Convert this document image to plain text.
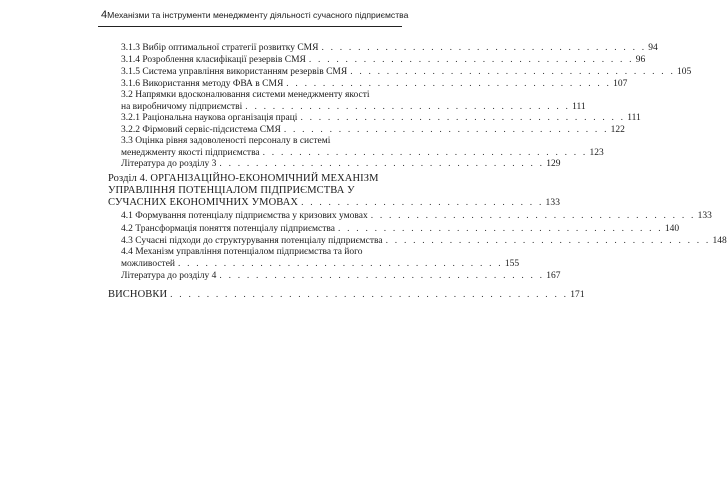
4 Механізми та інструменти менеджменту діяльності сучасного підприємства
3.1.3 Вибір оптимальної стратегії розвитку СМЯ . . . . . . . . . . . . . . . . . . . . . . . . . . . . . . . . . . . . 94
3.1.4 Розроблення класифікації резервів СМЯ . . . . . . . . . . . . . . . . . . . . . . . . . . . . . . . . . . . . 96
3.1.5 Система управління використанням резервів СМЯ . . . . . . . . . . . . . . . . . . . . . . . . . . . . . . . . . . . . 105
3.1.6 Використання методу ФВА в СМЯ . . . . . . . . . . . . . . . . . . . . . . . . . . . . . . . . . . . . 107
3.2 Напрямки вдосконалювання системи менеджменту якості
на виробничому підприємстві . . . . . . . . . . . . . . . . . . . . . . . . . . . . . . . . . . . . 111
3.2.1 Раціональна наукова організація праці . . . . . . . . . . . . . . . . . . . . . . . . . . . . . . . . . . . . 111
3.2.2 Фірмовий сервіс-підсистема СМЯ . . . . . . . . . . . . . . . . . . . . . . . . . . . . . . . . . . . . 122
3.3 Оцінка рівня задоволеності персоналу в системі
менеджменту якості підприємства . . . . . . . . . . . . . . . . . . . . . . . . . . . . . . . . . . . . 123
Література до розділу 3 . . . . . . . . . . . . . . . . . . . . . . . . . . . . . . . . . . . . 129
Розділ 4. ОРГАНІЗАЦІЙНО-ЕКОНОМІЧНИЙ МЕХАНІЗМ
УПРАВЛІННЯ ПОТЕНЦІАЛОМ ПІДПРИЄМСТВА У
СУЧАСНИХ ЕКОНОМІЧНИХ УМОВАХ . . . . . . . . . . . . . . . . . . . . . . . . . . . 133
4.1 Формування потенціалу підприємства у кризових умовах . . . . . . . . . . . . . . . . . . . . . . . . . . . . . . . . . . . . 133
4.2 Трансформація поняття потенціалу підприємства . . . . . . . . . . . . . . . . . . . . . . . . . . . . . . . . . . . . 140
4.3 Сучасні підходи до структурування потенціалу підприємства . . . . . . . . . . . . . . . . . . . . . . . . . . . . . . . . . . . . 148
4.4 Механізм управління потенціалом підприємства та його
можливостей . . . . . . . . . . . . . . . . . . . . . . . . . . . . . . . . . . . . 155
Література до розділу 4 . . . . . . . . . . . . . . . . . . . . . . . . . . . . . . . . . . . . 167
ВИСНОВКИ . . . . . . . . . . . . . . . . . . . . . . . . . . . . . . . . . . . . . . . . . . . . 171
